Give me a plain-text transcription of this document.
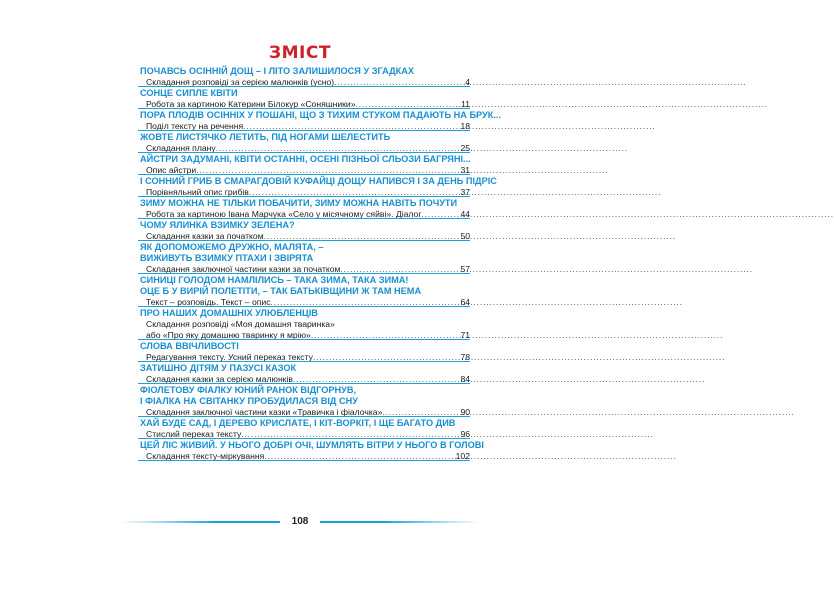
ЗМІСТ
ПОЧАВСЬ ОСІННІЙ ДОЩ – І ЛІТО ЗАЛИШИЛОСЯ У ЗГАДКАХ
Складання розповіді за серією малюнків (усно) .....	4
СОНЦЕ СИПЛЕ КВІТИ
Робота за картиною Катерини Білокур «Соняшники» .....	11
ПОРА ПЛОДІВ ОСІННІХ У ПОШАНІ, ЩО З ТИХИМ СТУКОМ ПАДАЮТЬ НА БРУК...
Поділ тексту на речення .....	18
ЖОВТЕ ЛИСТЯЧКО ЛЕТИТЬ, ПІД НОГАМИ ШЕЛЕСТИТЬ
Складання плану .....	25
АЙСТРИ ЗАДУМАНІ, КВІТИ ОСТАННІ, ОСЕНІ ПІЗНЬОЇ СЛЬОЗИ БАГРЯНІ...
Опис айстри .....	31
І СОННИЙ ГРИБ В СМАРАГДОВІЙ КУФАЙЦІ ДОЩУ НАПИВСЯ І ЗА ДЕНЬ ПІДРІС
Порівняльний опис грибів .....	37
ЗИМУ МОЖНА НЕ ТІЛЬКИ ПОБАЧИТИ, ЗИМУ МОЖНА НАВІТЬ ПОЧУТИ
Робота за картиною Івана Марчука «Село у місячному сяйві». Діалог .....	44
ЧОМУ ЯЛИНКА ВЗИМКУ ЗЕЛЕНА?
Складання казки за початком .....	50
ЯК ДОПОМОЖЕМО ДРУЖНО, МАЛЯТА, –
ВИЖИВУТЬ ВЗИМКУ ПТАХИ І ЗВІРЯТА
Складання заключної частини казки за початком .....	57
СИНИЦІ ГОЛОДОМ НАМЛІЛИСЬ – ТАКА ЗИМА, ТАКА ЗИМА!
ОЦЕ Б У ВИРІЙ ПОЛЕТІТИ, – ТАК БАТЬКІВЩИНИ Ж ТАМ НЕМА
Текст – розповідь. Текст – опис .....	64
ПРО НАШИХ ДОМАШНІХ УЛЮБЛЕНЦІВ
Складання розповіді «Моя домашня тваринка»
або «Про яку домашню тваринку я мрію» .....	71
СЛОВА ВВІЧЛИВОСТІ
Редагування тексту. Усний переказ тексту .....	78
ЗАТИШНО ДІТЯМ У ПАЗУСІ КАЗОК
Складання казки за серією малюнків .....	84
ФІОЛЕТОВУ ФІАЛКУ ЮНИЙ РАНОК ВІДГОРНУВ,
І ФІАЛКА НА СВІТАНКУ ПРОБУДИЛАСЯ ВІД СНУ
Складання заключної частини казки «Травичка і фіалочка» .....	90
ХАЙ БУДЕ САД, І ДЕРЕВО КРИСЛАТЕ, І КІТ-ВОРКІТ, І ЩЕ БАГАТО ДИВ
Стислий переказ тексту .....	96
ЦЕЙ ЛІС ЖИВИЙ. У НЬОГО ДОБРІ ОЧІ, ШУМЛЯТЬ ВІТРИ У НЬОГО В ГОЛОВІ
Складання тексту-міркування .....	102
108
